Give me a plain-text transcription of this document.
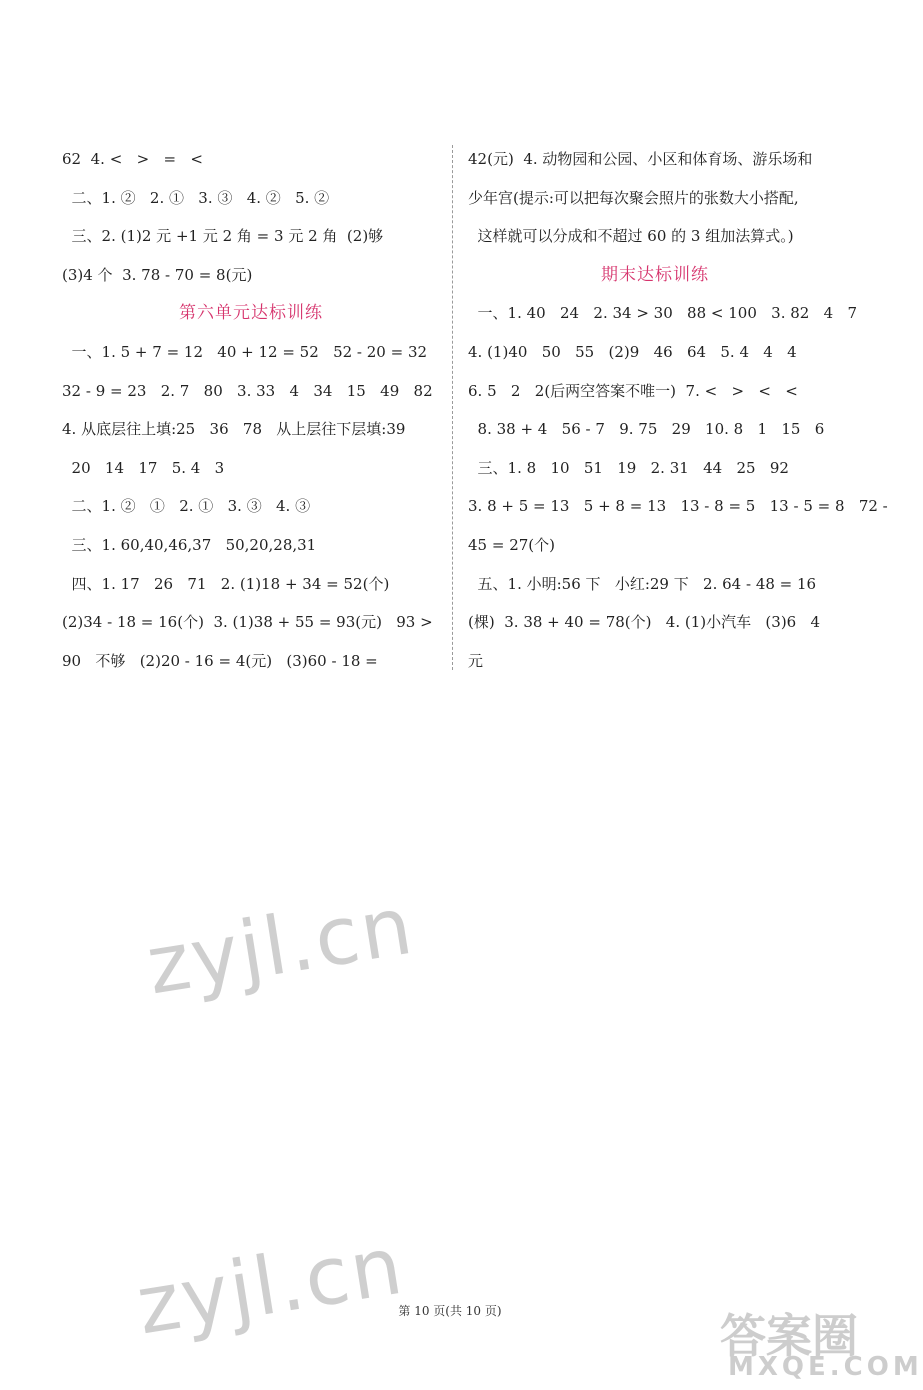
62  4. <   >   =   <
二、1. ②   2. ①   3. ③   4. ②   5. ②
三、2. (1)2 元 +1 元 2 角 = 3 元 2 角  (2)够
(3)4 个  3. 78 - 70 = 8(元)
第六单元达标训练
一、1. 5 + 7 = 12   40 + 12 = 52   52 - 20 = 32
32 - 9 = 23   2. 7   80   3. 33   4   34   15   49   82
4. 从底层往上填:25   36   78   从上层往下层填:39
20   14   17   5. 4   3
二、1. ②   ①   2. ①   3. ③   4. ③
三、1. 60,40,46,37   50,20,28,31
四、1. 17   26   71   2. (1)18 + 34 = 52(个)
(2)34 - 18 = 16(个)  3. (1)38 + 55 = 93(元)   93 >
90   不够   (2)20 - 16 = 4(元)   (3)60 - 18 =
42(元)  4. 动物园和公园、小区和体育场、游乐场和
少年宫(提示:可以把每次聚会照片的张数大小搭配,
这样就可以分成和不超过 60 的 3 组加法算式。)
期末达标训练
一、1. 40   24   2. 34 > 30   88 < 100   3. 82   4   7
4. (1)40   50   55   (2)9   46   64   5. 4   4   4
6. 5   2   2(后两空答案不唯一)  7. <   >   <   <
8. 38 + 4   56 - 7   9. 75   29   10. 8   1   15   6
三、1. 8   10   51   19   2. 31   44   25   92
3. 8 + 5 = 13   5 + 8 = 13   13 - 8 = 5   13 - 5 = 8   72 -
45 = 27(个)
五、1. 小明:56 下   小红:29 下   2. 64 - 48 = 16
(棵)  3. 38 + 40 = 78(个)   4. (1)小汽车   (3)6   4
元
zyjl.cn
zyjl.cn	答案圈
MXQE.COM
第 10 页(共 10 页)
